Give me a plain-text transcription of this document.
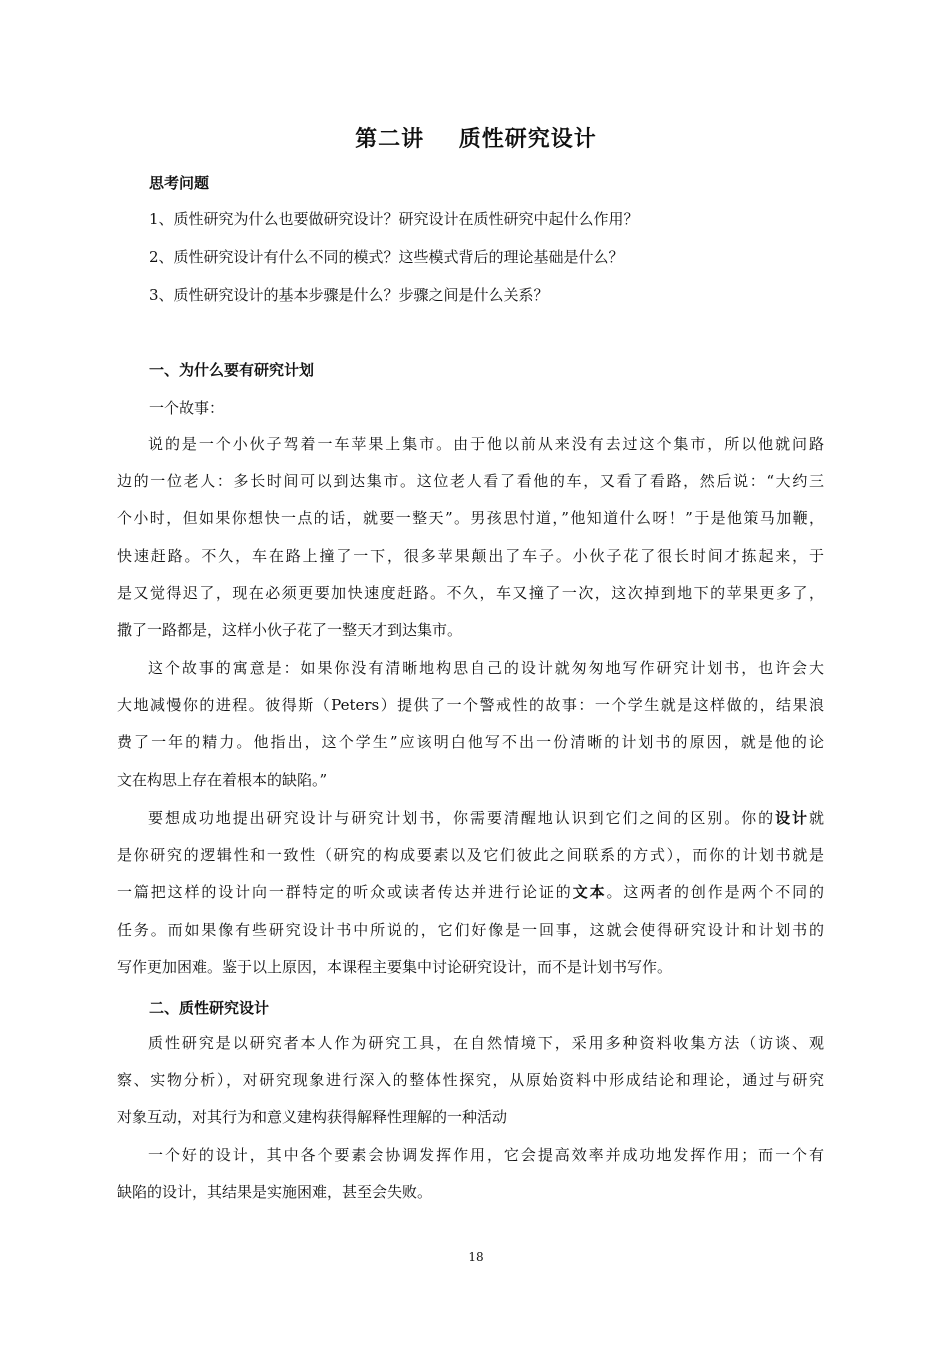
第二讲    质性研究设计
思考问题
1、质性研究为什么也要做研究设计？研究设计在质性研究中起什么作用？
2、质性研究设计有什么不同的模式？这些模式背后的理论基础是什么？
3、质性研究设计的基本步骤是什么？步骤之间是什么关系？
一、为什么要有研究计划
一个故事：
说的是一个小伙子驾着一车苹果上集市。由于他以前从来没有去过这个集市，所以他就问路
边的一位老人：多长时间可以到达集市。这位老人看了看他的车，又看了看路，然后说：“大约三
个小时，但如果你想快一点的话，就要一整天”。男孩思忖道，”他知道什么呀！”于是他策马加鞭，
快速赶路。不久，车在路上撞了一下，很多苹果颠出了车子。小伙子花了很长时间才拣起来，于
是又觉得迟了，现在必须更要加快速度赶路。不久，车又撞了一次，这次掉到地下的苹果更多了，
撒了一路都是，这样小伙子花了一整天才到达集市。
这个故事的寓意是：如果你没有清晰地构思自己的设计就匆匆地写作研究计划书，也许会大
大地减慢你的进程。彼得斯（Peters）提供了一个警戒性的故事：一个学生就是这样做的，结果浪
费了一年的精力。他指出，这个学生”应该明白他写不出一份清晰的计划书的原因，就是他的论
文在构思上存在着根本的缺陷。”
要想成功地提出研究设计与研究计划书，你需要清醒地认识到它们之间的区别。你的设计就
是你研究的逻辑性和一致性（研究的构成要素以及它们彼此之间联系的方式），而你的计划书就是
一篇把这样的设计向一群特定的听众或读者传达并进行论证的文本。这两者的创作是两个不同的
任务。而如果像有些研究设计书中所说的，它们好像是一回事，这就会使得研究设计和计划书的
写作更加困难。鉴于以上原因，本课程主要集中讨论研究设计，而不是计划书写作。
二、质性研究设计
质性研究是以研究者本人作为研究工具，在自然情境下，采用多种资料收集方法（访谈、观
察、实物分析），对研究现象进行深入的整体性探究，从原始资料中形成结论和理论，通过与研究
对象互动，对其行为和意义建构获得解释性理解的一种活动
一个好的设计，其中各个要素会协调发挥作用，它会提高效率并成功地发挥作用；而一个有
缺陷的设计，其结果是实施困难，甚至会失败。
18
